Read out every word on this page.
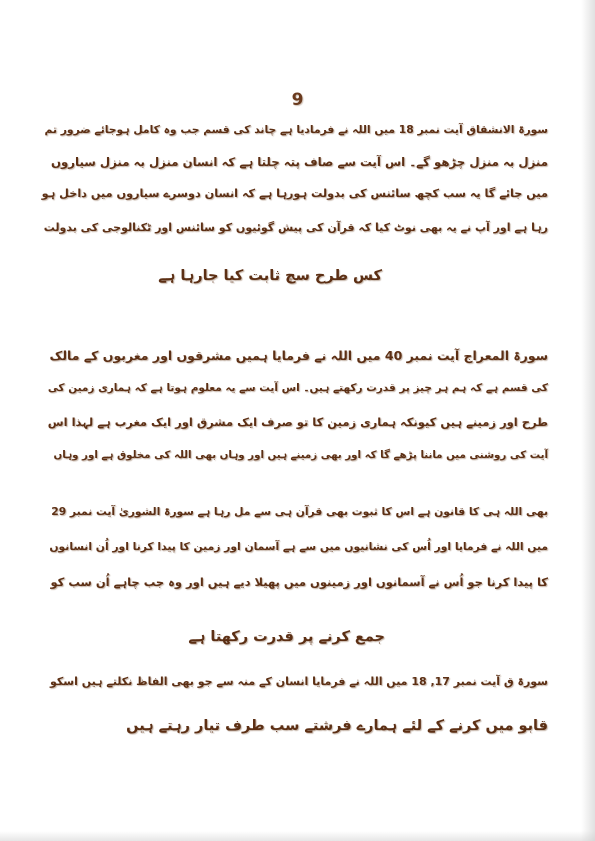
9
سورۃ الانشقاق آیت نمبر 18 میں اللہ نے فرمادیا ہے چاند کی قسم جب وہ کامل ہوجائے ضرور تم
منزل بہ منزل چڑھو گے۔ اس آیت سے صاف پتہ چلتا ہے کہ انسان منزل بہ منزل سیاروں
میں جائے گا یہ سب کچھ سائنس کی بدولت ہورہا ہے کہ انسان دوسرے سیاروں میں داخل ہو
رہا ہے اور آپ نے یہ بھی نوٹ کیا کہ قرآن کی پیش گوئیوں کو سائنس اور ٹکنالوجی کی بدولت
کس طرح سچ ثابت کیا جارہا ہے
سورۃ المعراج آیت نمبر 40 میں اللہ نے فرمایا ہمیں مشرقوں اور مغربوں کے مالک
کی قسم ہے کہ ہم ہر چیز پر قدرت رکھتے ہیں۔ اس آیت سے یہ معلوم ہوتا ہے کہ ہماری زمین کی
طرح اور زمینے ہیں کیونکہ ہماری زمین کا تو صرف ایک مشرق اور ایک مغرب ہے لہذا اس
آیت کی روشنی میں ماننا پڑھے گا کہ اور بھی زمینے ہیں اور وہاں بھی اللہ کی مخلوق ہے اور وہاں
بھی اللہ ہی کا قانون ہے اس کا ثبوت بھی قرآن ہی سے مل رہا ہے سورۃ الشوریٰ آیت نمبر 29
میں اللہ نے فرمایا اور اُس کی نشانیوں میں سے ہے آسمان اور زمین کا پیدا کرنا اور اُن انسانوں
کا پیدا کرنا جو اُس نے آسمانوں اور زمینوں میں پھیلا دیے ہیں اور وہ جب چاہے اُن سب کو
جمع کرنے پر قدرت رکھتا ہے
سورۃ ق آیت نمبر 17, 18 میں اللہ نے فرمایا انسان کے منہ سے جو بھی الفاظ نکلتے ہیں اسکو
قابو میں کرنے کے لئے ہمارے فرشتے سب طرف تیار رہتے ہیں
